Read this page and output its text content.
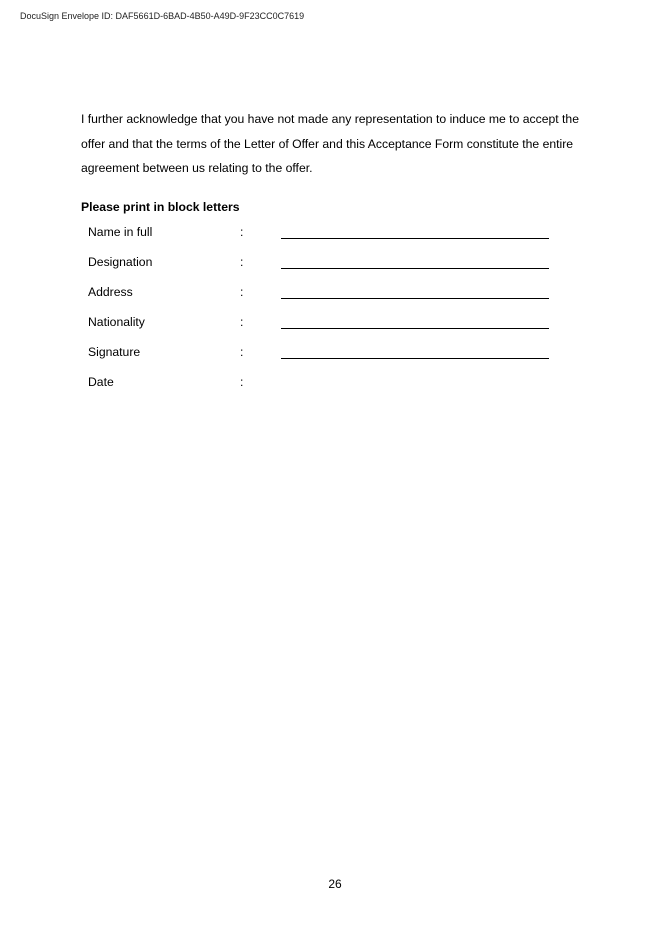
DocuSign Envelope ID: DAF5661D-6BAD-4B50-A49D-9F23CC0C7619

I further acknowledge that you have not made any representation to induce me to accept the offer and that the terms of the Letter of Offer and this Acceptance Form constitute the entire agreement between us relating to the offer.

Please print in block letters

Name in full	:
Designation	:
Address	:
Nationality	:
Signature	:
Date	:
26
